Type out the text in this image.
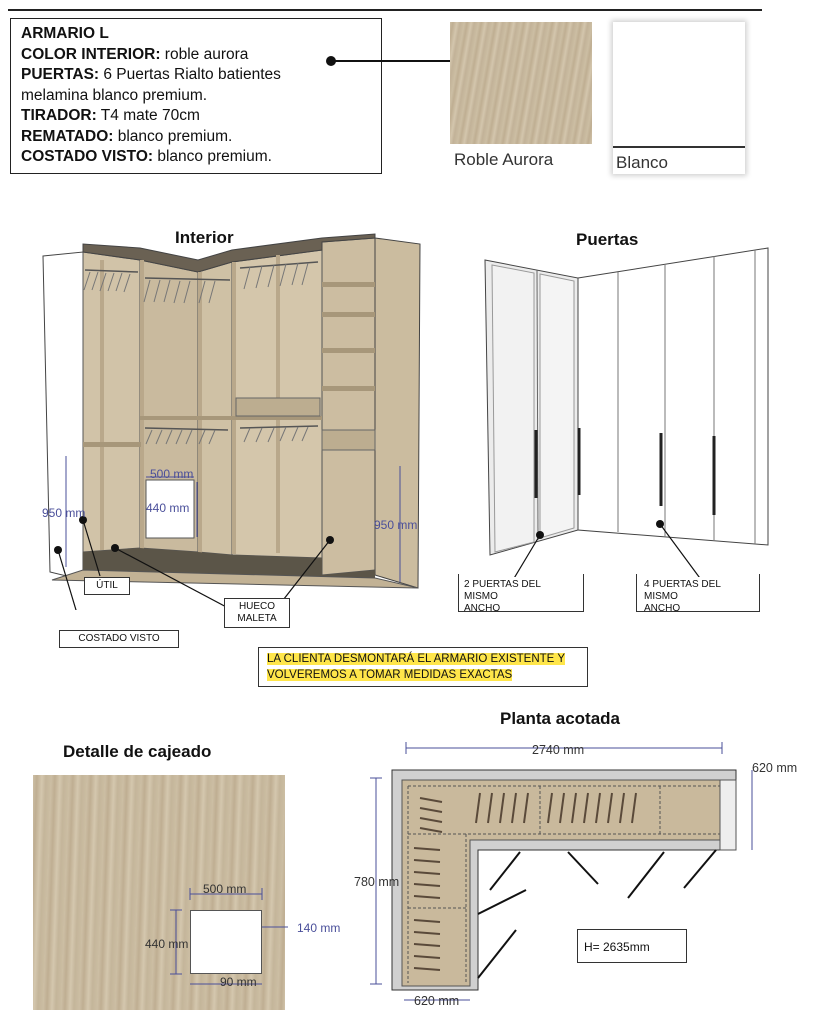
ARMARIO L
COLOR INTERIOR: roble aurora
PUERTAS: 6 Puertas Rialto batientes
melamina blanco premium.
TIRADOR: T4 mate 70cm
REMATADO: blanco premium.
COSTADO VISTO: blanco premium.	Roble Aurora	Blanco
Interior	Puertas
Planta acotada
Detalle de cajeado
500 mm
440 mm
950 mm
950 mm
ÚTIL
HUECO
MALETA
COSTADO VISTO
2 PUERTAS DEL MISMO
ANCHO
4 PUERTAS DEL MISMO
ANCHO
LA CLIENTA DESMONTARÁ EL ARMARIO EXISTENTE Y
VOLVEREMOS A TOMAR MEDIDAS EXACTAS
500 mm
440 mm
140 mm
90 mm
2740 mm
620 mm
780 mm
620 mm
H= 2635mm
